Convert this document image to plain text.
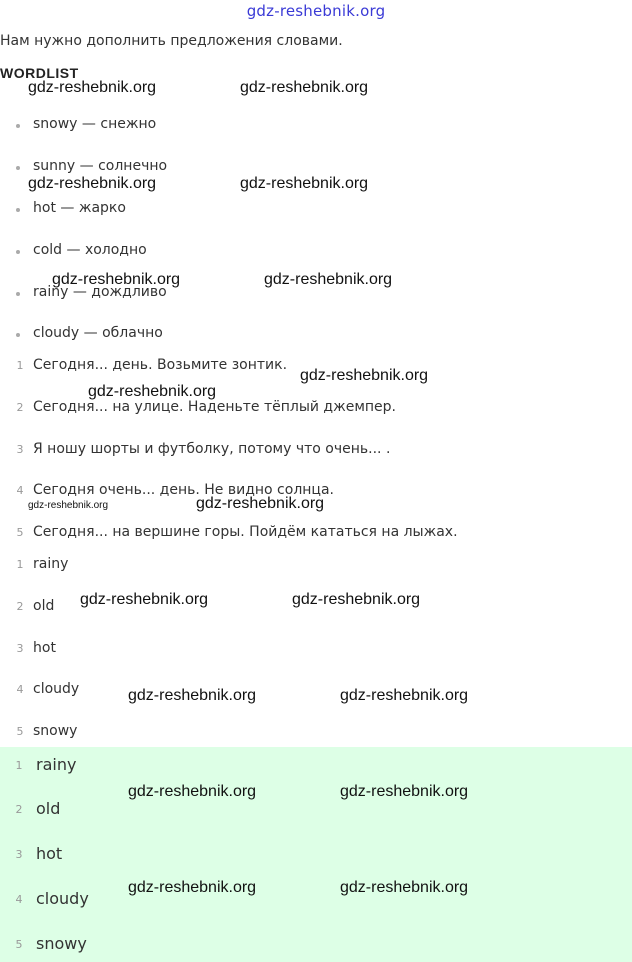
gdz-reshebnik.org
Нам нужно дополнить предложения словами.
WORDLIST
snowy — снежно
sunny — солнечно
hot — жарко
cold — холодно
rainy — дождливо
cloudy — облачно
1 Сегодня... день. Возьмите зонтик.
2 Сегодня... на улице. Наденьте тёплый джемпер.
3 Я ношу шорты и футболку, потому что очень... .
4 Сегодня очень... день. Не видно солнца.
5 Сегодня... на вершине горы. Пойдём кататься на лыжах.
1 rainy
2 old
3 hot
4 cloudy
5 snowy
1 rainy
2 old
3 hot
4 cloudy
5 snowy
gdz-reshebnik.org	gdz-reshebnik.org
gdz-reshebnik.org	gdz-reshebnik.org
gdz-reshebnik.org	gdz-reshebnik.org
gdz-reshebnik.org
gdz-reshebnik.org
gdz-reshebnik.org	gdz-reshebnik.org
gdz-reshebnik.org	gdz-reshebnik.org
gdz-reshebnik.org	gdz-reshebnik.org
gdz-reshebnik.org	gdz-reshebnik.org
gdz-reshebnik.org	gdz-reshebnik.org
